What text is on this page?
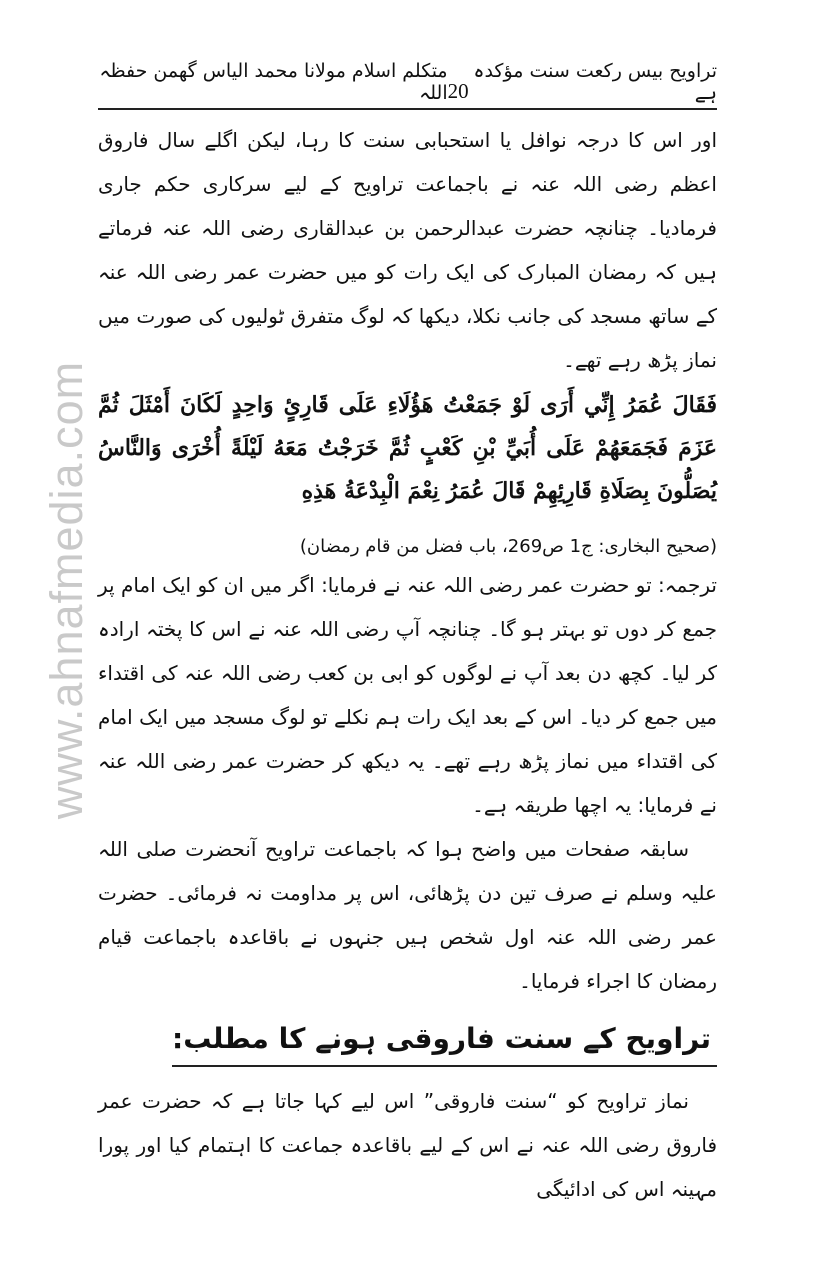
www.ahnafmedia.com
تراویح بیس رکعت سنت مؤکدہ ہے
20
متکلم اسلام مولانا محمد الیاس گھمن حفظہ اللہ

اور اس کا درجہ نوافل یا استحبابی سنت کا رہا، لیکن اگلے سال فاروق اعظم رضی اللہ عنہ نے باجماعت تراویح کے لیے سرکاری حکم جاری فرمادیا۔ چنانچہ حضرت عبدالرحمن بن عبدالقاری رضی اللہ عنہ فرماتے ہیں کہ رمضان المبارک کی ایک رات کو میں حضرت عمر رضی اللہ عنہ کے ساتھ مسجد کی جانب نکلا، دیکھا کہ لوگ متفرق ٹولیوں کی صورت میں نماز پڑھ رہے تھے۔

فَقَالَ عُمَرُ إِنِّي أَرَى لَوْ جَمَعْتُ هَؤُلَاءِ عَلَى قَارِئٍ وَاحِدٍ لَكَانَ أَمْثَلَ ثُمَّ عَزَمَ فَجَمَعَهُمْ عَلَى أُبَيِّ بْنِ كَعْبٍ ثُمَّ خَرَجْتُ مَعَهُ لَيْلَةً أُخْرَى وَالنَّاسُ يُصَلُّونَ بِصَلَاةِ قَارِئِهِمْ قَالَ عُمَرُ نِعْمَ الْبِدْعَةُ هَذِهِ

(صحیح البخاری: ج1 ص269، باب فضل من قام رمضان)

ترجمہ: تو حضرت عمر رضی اللہ عنہ نے فرمایا: اگر میں ان کو ایک امام پر جمع کر دوں تو بہتر ہو گا۔ چنانچہ آپ رضی اللہ عنہ نے اس کا پختہ ارادہ کر لیا۔ کچھ دن بعد آپ نے لوگوں کو ابی بن کعب رضی اللہ عنہ کی اقتداء میں جمع کر دیا۔ اس کے بعد ایک رات ہم نکلے تو لوگ مسجد میں ایک امام کی اقتداء میں نماز پڑھ رہے تھے۔ یہ دیکھ کر حضرت عمر رضی اللہ عنہ نے فرمایا: یہ اچھا طریقہ ہے۔

سابقہ صفحات میں واضح ہوا کہ باجماعت تراویح آنحضرت صلی اللہ علیہ وسلم نے صرف تین دن پڑھائی، اس پر مداومت نہ فرمائی۔ حضرت عمر رضی اللہ عنہ اول شخص ہیں جنہوں نے باقاعدہ باجماعت قیام رمضان کا اجراء فرمایا۔

تراویح کے سنت فاروقی ہونے کا مطلب:

نماز تراویح کو “سنت فاروقی” اس لیے کہا جاتا ہے کہ حضرت عمر فاروق رضی اللہ عنہ نے اس کے لیے باقاعدہ جماعت کا اہتمام کیا اور پورا مہینہ اس کی ادائیگی
